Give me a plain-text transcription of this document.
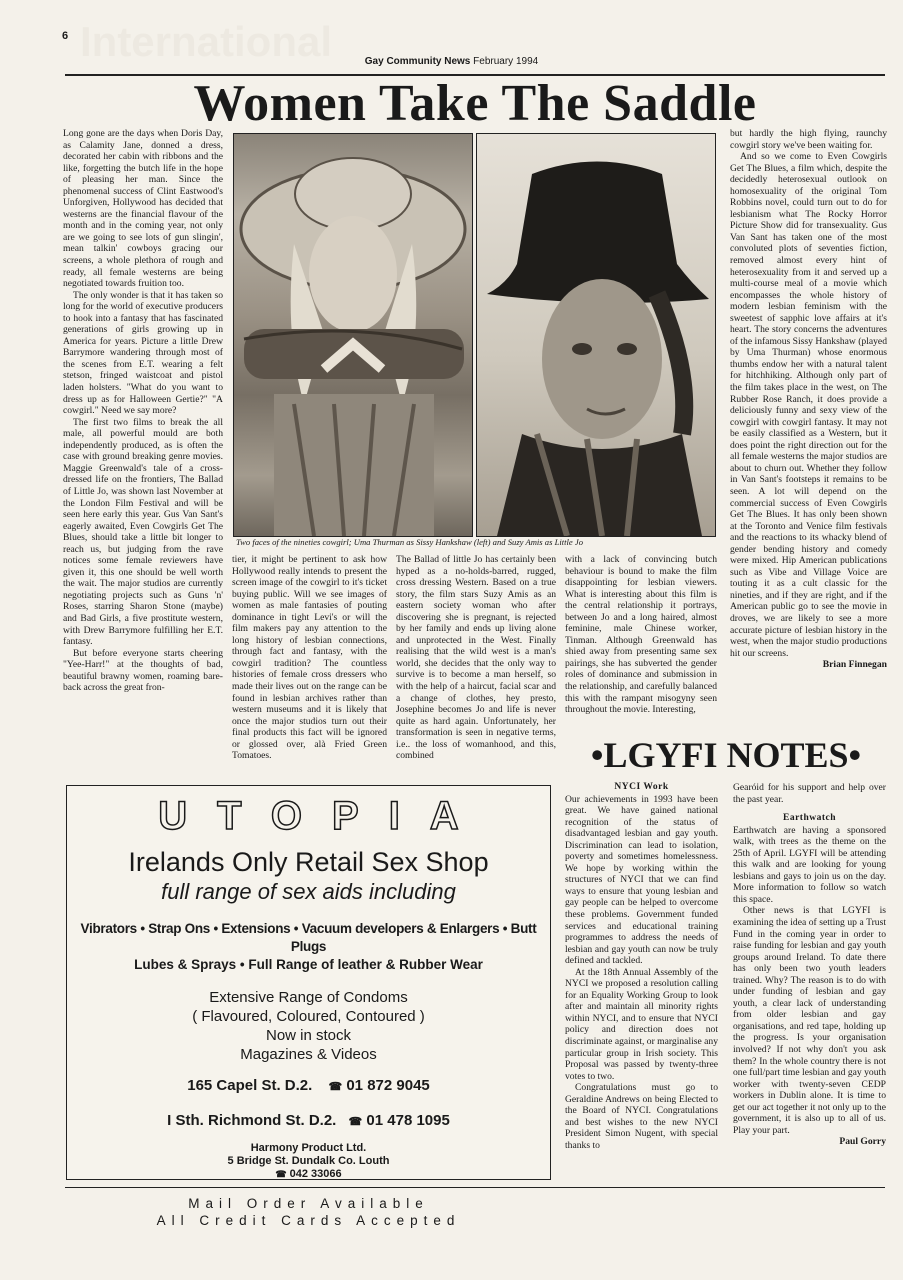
International
6
Gay Community News February 1994
Women Take The Saddle
Two faces of the nineties cowgirl; Uma Thurman as Sissy Hankshaw (left) and Suzy Amis as Little Jo

Long gone are the days when Doris Day, as Calamity Jane, donned a dress, decorated her cabin with ribbons and the like, forgetting the butch life in the hope of pleasing her man. Since the phenomenal success of Clint Eastwood's Unforgiven, Hollywood has decided that westerns are the financial flavour of the month and in the coming year, not only are we going to see lots of gun slingin', mean talkin' cowboys gracing our screens, a whole plethora of rough and ready, all female westerns are being negotiated towards fruition too.

The only wonder is that it has taken so long for the world of executive producers to hook into a fantasy that has fascinated generations of girls growing up in America for years. Picture a little Drew Barrymore wandering through most of the scenes from E.T. wearing a felt stetson, fringed waistcoat and pistol laden holsters. "What do you want to dress up as for Halloween Gertie?" "A cowgirl." Need we say more?

The first two films to break the all male, all powerful mould are both independently produced, as is often the case with ground breaking genre movies. Maggie Greenwald's tale of a cross-dressed life on the frontiers, The Ballad of Little Jo, was shown last November at the London Film Festival and will be seen here early this year. Gus Van Sant's eagerly awaited, Even Cowgirls Get The Blues, should take a little bit longer to reach us, but judging from the rave notices some female reviewers have given it, this one should be well worth the wait. The major studios are currently negotiating projects such as Guns 'n' Roses, starring Sharon Stone (maybe) and Bad Girls, a five prostitute western, with Drew Barrymore fulfilling her E.T. fantasy.

But before everyone starts cheering "Yee-Harr!" at the thoughts of bad, beautiful brawny women, roaming bare-back across the great fron-

tier, it might be pertinent to ask how Hollywood really intends to present the screen image of the cowgirl to it's ticket buying public. Will we see images of women as male fantasies of pouting dominance in tight Levi's or will the film makers pay any attention to the long history of lesbian connections, through fact and fantasy, with the cowgirl tradition? The countless histories of female cross dressers who made their lives out on the range can be found in lesbian archives rather than western museums and it is likely that once the major studios turn out their final products this fact will be ignored or glossed over, alà Fried Green Tomatoes.

The Ballad of little Jo has certainly been hyped as a no-holds-barred, rugged, cross dressing Western. Based on a true story, the film stars Suzy Amis as an eastern society woman who after discovering she is pregnant, is rejected by her family and ends up living alone and unprotected in the West. Finally realising that the wild west is a man's world, she decides that the only way to survive is to become a man herself, so with the help of a haircut, facial scar and a change of clothes, hey presto, Josephine becomes Jo and life is never quite as hard again. Unfortunately, her transformation is seen in negative terms, i.e.. the loss of womanhood, and this, combined

with a lack of convincing butch behaviour is bound to make the film disappointing for lesbian viewers. What is interesting about this film is the central relationship it portrays, between Jo and a long haired, almost feminine, male Chinese worker, Tinman. Although Greenwald has shied away from presenting same sex pairings, she has subverted the gender roles of dominance and submission in the relationship, and carefully balanced this with the rampant misogyny seen throughout the movie. Interesting,

but hardly the high flying, raunchy cowgirl story we've been waiting for.

And so we come to Even Cowgirls Get The Blues, a film which, despite the decidedly heterosexual outlook on homosexuality of the original Tom Robbins novel, could turn out to do for lesbianism what The Rocky Horror Picture Show did for transexuality. Gus Van Sant has taken one of the most convoluted plots of seventies fiction, removed almost every hint of heterosexuality from it and served up a multi-course meal of a movie which encompasses the whole history of modern lesbian feminism with the sweetest of sapphic love affairs at it's heart. The story concerns the adventures of the infamous Sissy Hankshaw (played by Uma Thurman) whose enormous thumbs endow her with a natural talent for hitchhiking. Although only part of the film takes place in the west, on The Rubber Rose Ranch, it does provide a deliciously funny and sexy view of the cowgirl with cowgirl fantasy. It may not be easily classified as a Western, but it does point the right direction out for the all female westerns the major studios are about to churn out. Whether they follow in Van Sant's footsteps it remains to be seen. A lot will depend on the commercial success of Even Cowgirls Get The Blues. It has only been shown at the Toronto and Venice film festivals and the reactions to its whacky blend of gender bending history and comedy were mixed. Hip American publications such as Vibe and Village Voice are touting it as a cult classic for the nineties, and if they are right, and if the American public go to see the movie in droves, we are likely to see a more accurate picture of lesbian history in the west, when the major studio productions hit our screens.

Brian Finnegan

•LGYFI NOTES•

NYCI Work

Our achievements in 1993 have been great. We have gained national recognition of the status of disadvantaged lesbian and gay youth. Discrimination can lead to isolation, poverty and sometimes homelessness. We hope by working within the structures of NYCI that we can find ways to ensure that young lesbian and gay people can be helped to overcome these problems. Government funded services and educational training programmes to address the needs of lesbian and gay youth can now be truly defined and tackled.

At the 18th Annual Assembly of the NYCI we proposed a resolution calling for an Equality Working Group to look after and maintain all minority rights within NYCI, and to ensure that NYCI policy and direction does not discriminate against, or marginalise any particular group in Irish society. This Proposal was passed by twenty-three votes to two.

Congratulations must go to Geraldine Andrews on being Elected to the Board of NYCI. Congratulations and best wishes to the new NYCI President Simon Nugent, with special thanks to

Gearóid for his support and help over the past year.

Earthwatch

Earthwatch are having a sponsored walk, with trees as the theme on the 25th of April. LGYFI will be attending this walk and are looking for young lesbians and gays to join us on the day. More information to follow so watch this space.

Other news is that LGYFI is examining the idea of setting up a Trust Fund in the coming year in order to raise funding for lesbian and gay youth groups around Ireland. To date there has only been two youth leaders trained. Why? The reason is to do with under funding of lesbian and gay youth, a clear lack of understanding from older lesbian and gay organisations, and red tape, holding up the progress. Is your organisation involved? If not why don't you ask them? In the whole country there is not one full/part time lesbian and gay youth worker with twenty-seven CEDP workers in Dublin alone. It is time to get our act together it not only up to the government, it is also up to all of us. Play your part.

Paul Gorry

UTOPIA
Irelands Only Retail Sex Shop
full range of sex aids including
Vibrators • Strap Ons • Extensions • Vacuum developers & Enlargers • Butt Plugs
Lubes & Sprays • Full Range of leather & Rubber Wear
Extensive Range of Condoms
( Flavoured, Coloured, Contoured )
Now in stock
Magazines & Videos
165 Capel St. D.2. ☎ 01 872 9045
I Sth. Richmond St. D.2. ☎ 01 478 1095
Harmony Product Ltd.
5 Bridge St. Dundalk Co. Louth
☎ 042 33066
Mail Order Available
All Credit Cards Accepted
